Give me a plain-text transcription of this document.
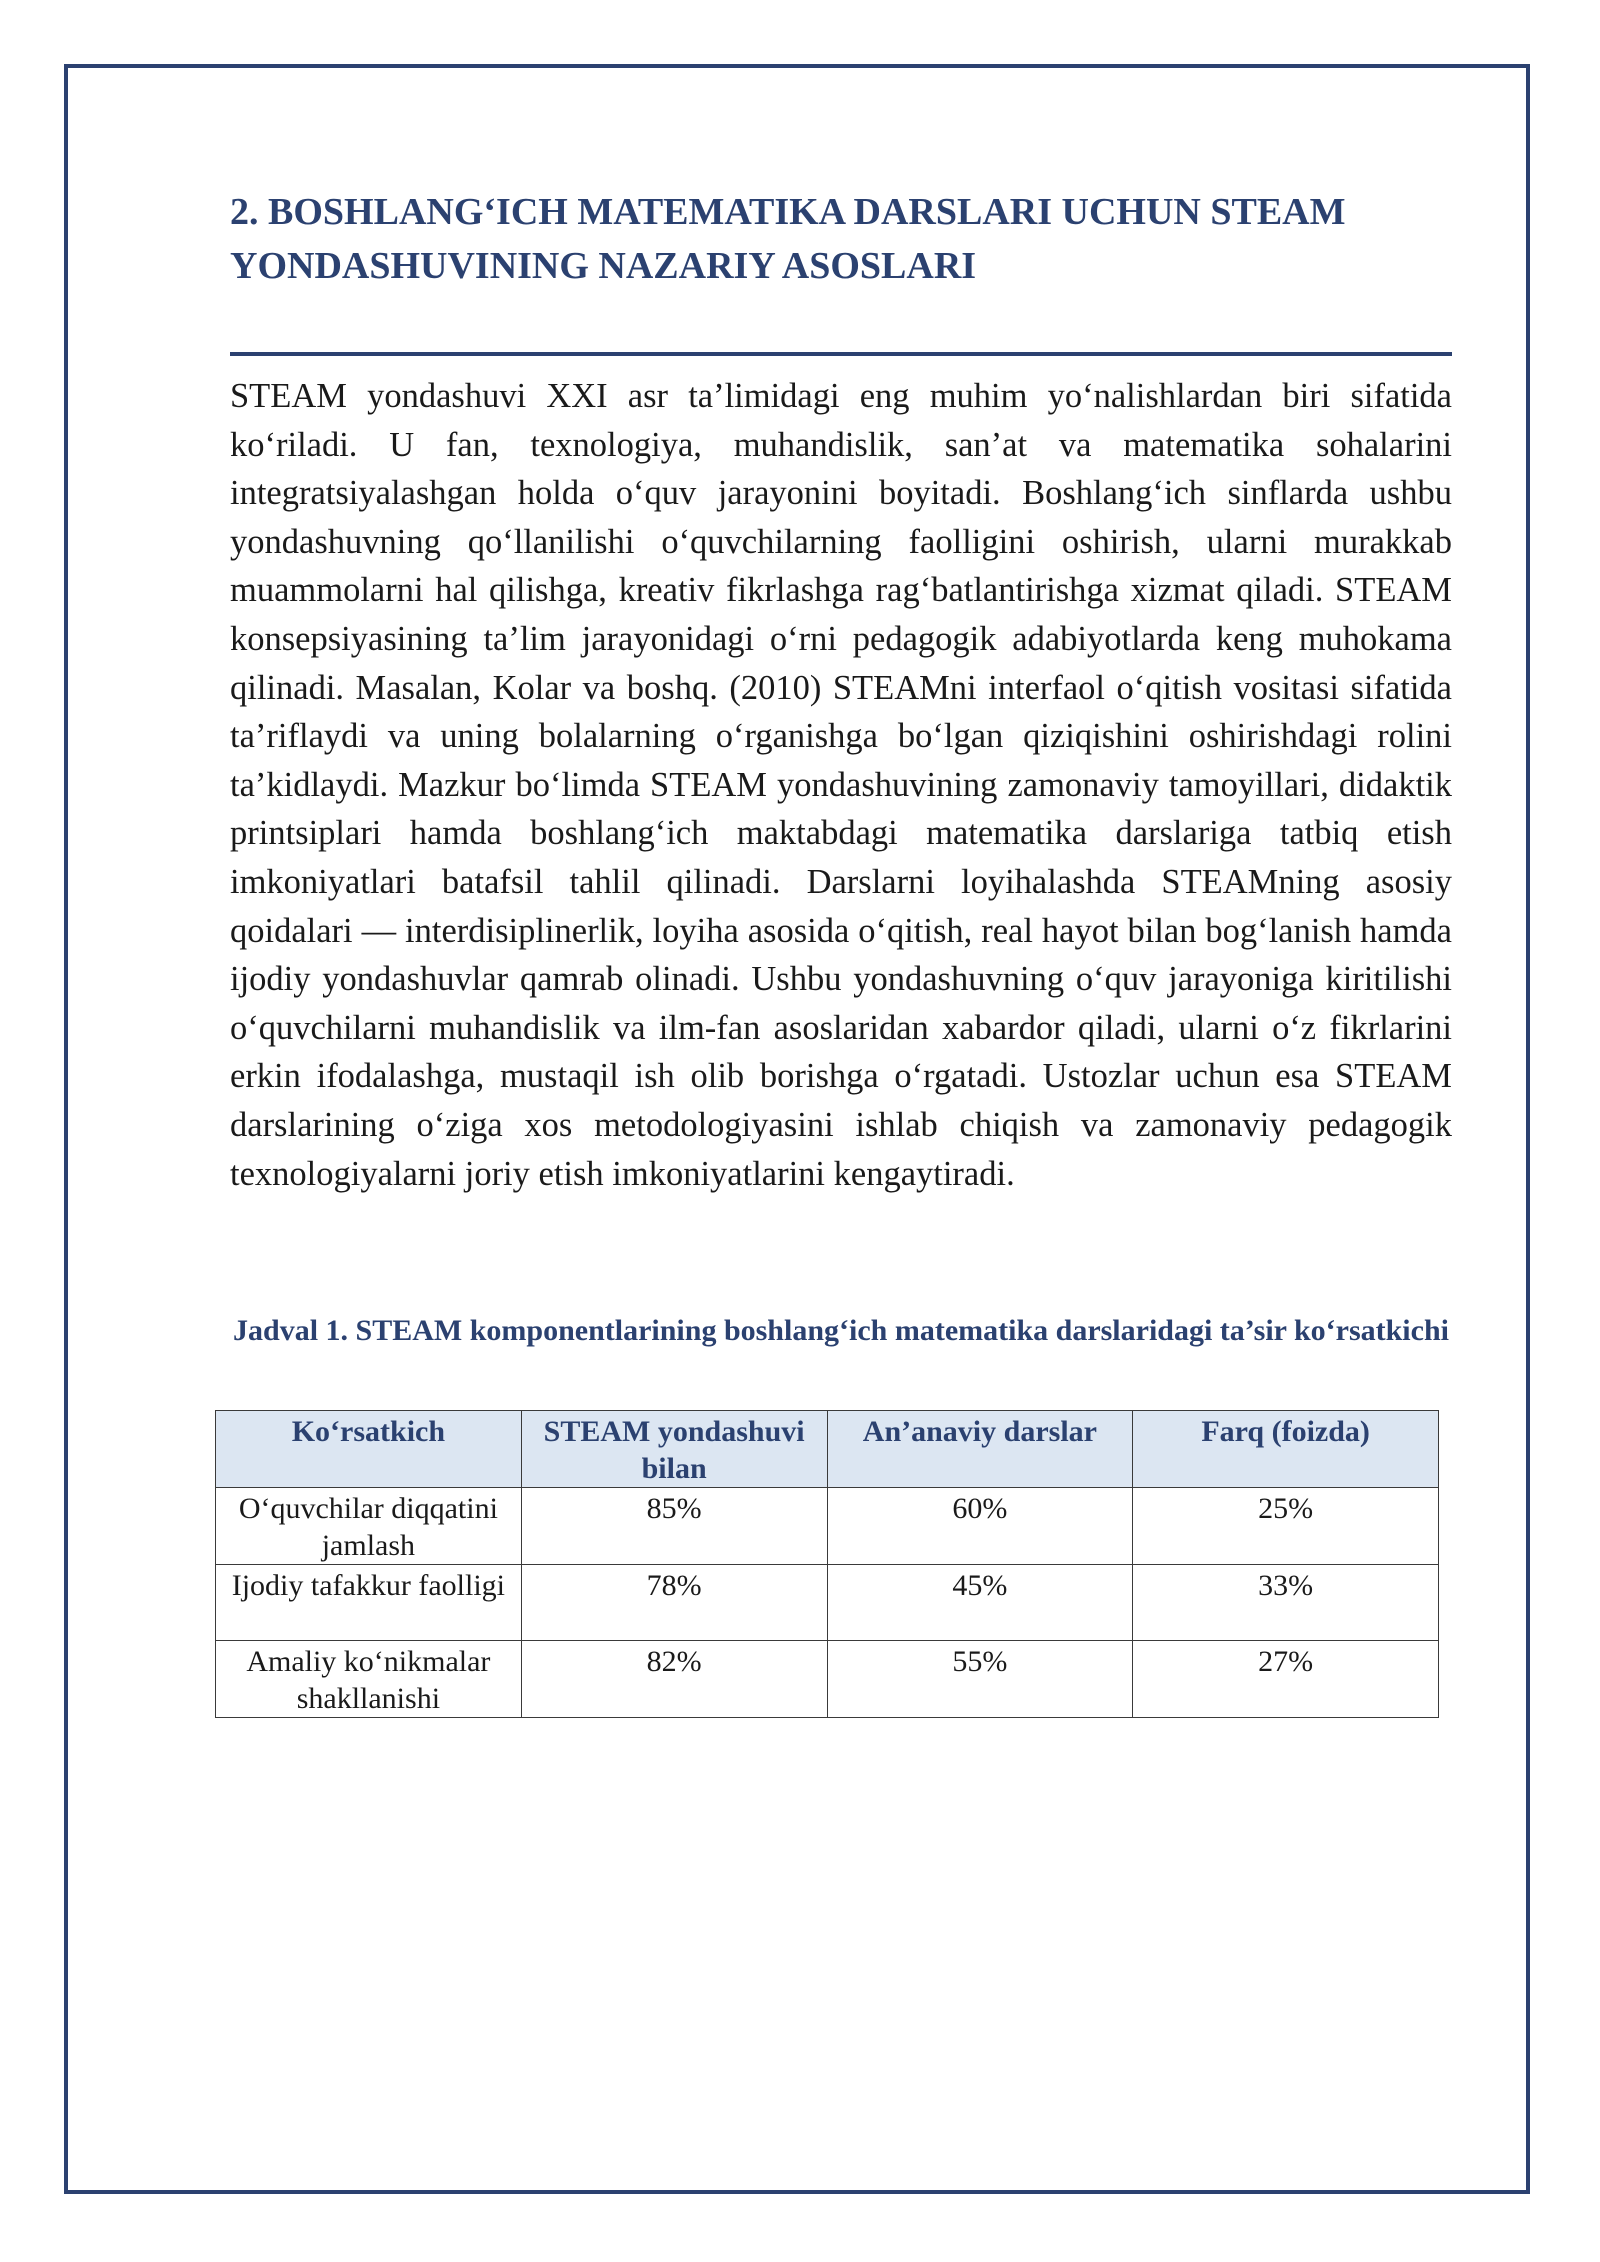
2. BOSHLANG‘ICH MATEMATIKA DARSLARI UCHUN STEAM YONDASHUVINING NAZARIY ASOSLARI

STEAM yondashuvi XXI asr ta’limidagi eng muhim yo‘nalishlardan biri sifatida ko‘riladi. U fan, texnologiya, muhandislik, san’at va matematika sohalarini integratsiyalashgan holda o‘quv jarayonini boyitadi. Boshlang‘ich sinflarda ushbu yondashuvning qo‘llanilishi o‘quvchilarning faolligini oshirish, ularni murakkab muammolarni hal qilishga, kreativ fikrlashga rag‘batlantirishga xizmat qiladi. STEAM konsepsiyasining ta’lim jarayonidagi o‘rni pedagogik adabiyotlarda keng muhokama qilinadi. Masalan, Kolar va boshq. (2010) STEAMni interfaol o‘qitish vositasi sifatida ta’riflaydi va uning bolalarning o‘rganishga bo‘lgan qiziqishini oshirishdagi rolini ta’kidlaydi. Mazkur bo‘limda STEAM yondashuvining zamonaviy tamoyillari, didaktik printsiplari hamda boshlang‘ich maktabdagi matematika darslariga tatbiq etish imkoniyatlari batafsil tahlil qilinadi. Darslarni loyihalashda STEAMning asosiy qoidalari — interdisiplinerlik, loyiha asosida o‘qitish, real hayot bilan bog‘lanish hamda ijodiy yondashuvlar qamrab olinadi. Ushbu yondashuvning o‘quv jarayoniga kiritilishi o‘quvchilarni muhandislik va ilm-fan asoslaridan xabardor qiladi, ularni o‘z fikrlarini erkin ifodalashga, mustaqil ish olib borishga o‘rgatadi. Ustozlar uchun esa STEAM darslarining o‘ziga xos metodologiyasini ishlab chiqish va zamonaviy pedagogik texnologiyalarni joriy etish imkoniyatlarini kengaytiradi.

Jadval 1. STEAM komponentlarining boshlang‘ich matematika darslaridagi ta’sir ko‘rsatkichi

Ko‘rsatkich	STEAM yondashuvi bilan	An’anaviy darslar	Farq (foizda)
O‘quvchilar diqqatini jamlash	85%	60%	25%
Ijodiy tafakkur faolligi	78%	45%	33%
Amaliy ko‘nikmalar shakllanishi	82%	55%	27%
